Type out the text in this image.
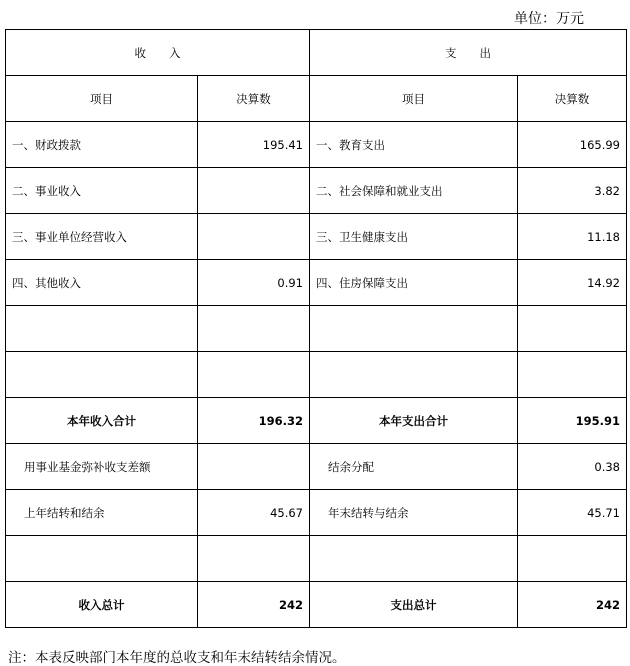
单位：万元
收　　入		支　　出	
项目	决算数	项目	决算数
一、财政拨款	195.41	一、教育支出	165.99
二、事业收入		二、社会保障和就业支出	3.82
三、事业单位经营收入		三、卫生健康支出	11.18
四、其他收入	0.91	四、住房保障支出	14.92

本年收入合计	196.32	本年支出合计	195.91
用事业基金弥补收支差额		结余分配	0.38
上年结转和结余	45.67	年末结转与结余	45.71

收入总计	242	支出总计	242
注：本表反映部门本年度的总收支和年末结转结余情况。
